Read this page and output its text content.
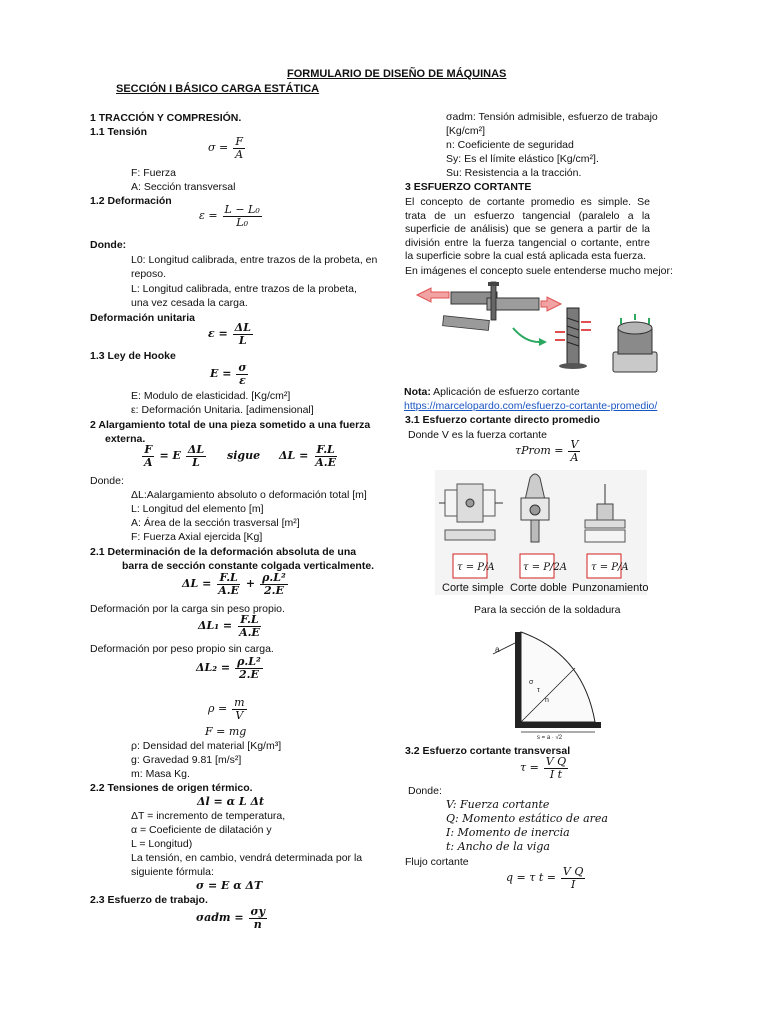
FORMULARIO DE DISEÑO DE MÁQUINAS
SECCIÓN I BÁSICO CARGA ESTÁTICA
1 TRACCIÓN Y COMPRESIÓN.
1.1 Tensión
$\sigma = \frac{F}{A}$
F: Fuerza
A: Sección transversal
1.2 Deformación
$\varepsilon = \frac{\text{L − L₀}}{\text{L₀}}$
Donde:
L0: Longitud calibrada, entre trazos de la probeta, en
reposo.
L: Longitud calibrada, entre trazos de la probeta,
una vez cesada la carga.
Deformación unitaria
$\varepsilon = \frac{\Delta L}{L}$
1.3 Ley de Hooke
$E = \frac{\sigma}{\varepsilon}$
E: Modulo de elasticidad. [Kg/cm²]
ε: Deformación Unitaria. [adimensional]
2 Alargamiento total de una pieza sometido a una fuerza
externa.
$\frac{F}{A} = E \frac{\Delta L}{L}$ sigue $\Delta L = \frac{F.L}{A.E}$
Donde:
ΔL:Aalargamiento absoluto o deformación total [m]
L: Longitud del elemento [m]
A: Área de la sección trasversal [m²]
F: Fuerza Axial ejercida [Kg]
2.1 Determinación de la deformación absoluta de una
barra de sección constante colgada verticalmente.
$\Delta L = \frac{F.L}{A.E} + \frac{\text{ρ.L²}}{2.E}$
Deformación por la carga sin peso propio.
$\Delta L_1 = \frac{F.L}{A.E}$
Deformación por peso propio sin carga.
$\Delta L_2 = \frac{\text{ρ.L²}}{2.E}$
$\rho = \frac{m}{V}$
F = mg
ρ: Densidad del material [Kg/m³]
g: Gravedad 9.81 [m/s²]
m: Masa Kg.
2.2 Tensiones de origen térmico.
Δl = α L Δt
ΔT = incremento de temperatura,
α = Coeficiente de dilatación y
L = Longitud)
La tensión, en cambio, vendrá determinada por la
siguiente fórmula:
σ = E α ΔT
2.3 Esfuerzo de trabajo.
$\sigma adm = \frac{\sigma y}{n}$
σadm: Tensión admisible, esfuerzo de trabajo
[Kg/cm²]
n: Coeficiente de seguridad
Sy: Es el límite elástico [Kg/cm²].
Su: Resistencia a la tracción.
3 ESFUERZO CORTANTE
El concepto de cortante promedio es simple. Se trata de un esfuerzo tangencial (paralelo a la superficie de análisis) que se genera a partir de la división entre la fuerza tangencial o cortante, entre la superficie sobre la cual está aplicada esta fuerza.
En imágenes el concepto suele entenderse mucho mejor:
Nota: Aplicación de esfuerzo cortante
https://marcelopardo.com/esfuerzo-cortante-promedio/
3.1 Esfuerzo cortante directo promedio
Donde V es la fuerza cortante
τProm = $\frac{V}{A}$
τ = P/A	τ = P/2A τ = P/A
Corte simple Corte doble Punzonamiento
Para la sección de la soldadura
a
σ
τ
n
s = a · √2
3.2 Esfuerzo cortante transversal
$\tau = \frac{\text{V Q}}{\text{I t}}$
Donde:
V: Fuerza cortante
Q: Momento estático de area
I: Momento de inercia
t: Ancho de la viga
Flujo cortante
q = τ $t = \frac{\text{V Q}}{I}$
